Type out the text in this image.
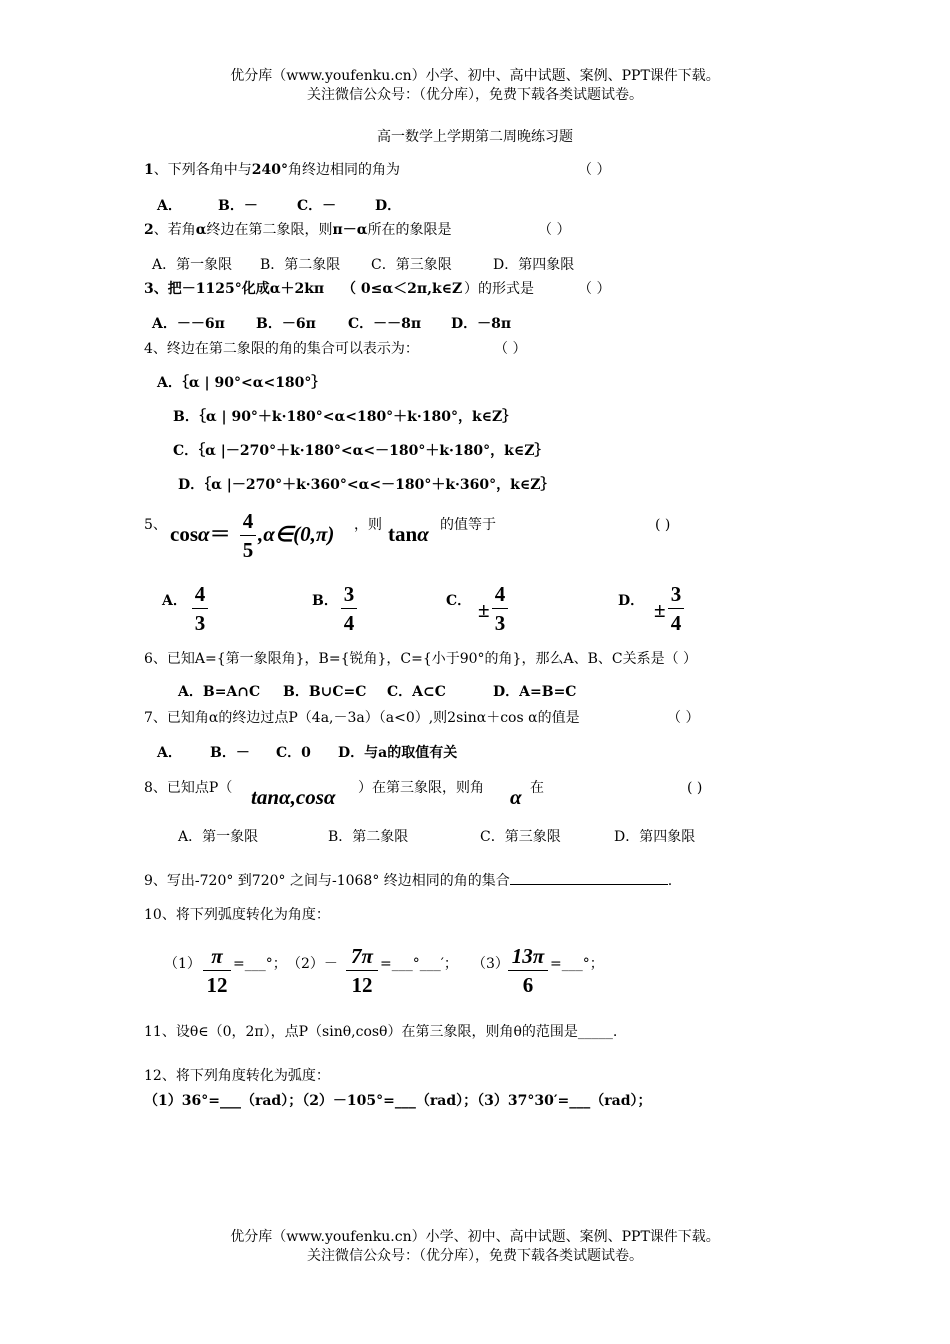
优分库（www.youfenku.cn）小学、初中、高中试题、案例、PPT课件下载。
关注微信公众号：（优分库），免费下载各类试题试卷。
高一数学上学期第二周晚练习题
1、下列各角中与240°角终边相同的角为	（ ）
A．	B．－	C．－	D．
2、若角α终边在第二象限，则π－α所在的象限是	（ ）
A．第一象限 B．第二象限 C．第三象限	D．第四象限
3、把－1125°化成α＋2kπ （ 0≤α＜2π,k∈Z ）的形式是	（ ）
A．－－6π B．－6π C．－－8π D．－8π
4、终边在第二象限的角的集合可以表示为：	（ ）
A．｛α | 90°<α<180°｝
B．｛α | 90°＋k·180°<α<180°＋k·180°，k∈Z｝
C．｛α |－270°＋k·180°<α<－180°＋k·180°，k∈Z｝
D．｛α |－270°＋k·360°<α<－180°＋k·360°，k∈Z｝
5、 cosα＝
4
5
,α∈(0,π) ，则 tanα 的值等于	( )
A． 4
3
B． 3
4
C． ±
4
3
D． ±
3
4
6、已知A={第一象限角}，B={锐角}，C={小于90°的角}，那么A、B、C关系是（ ）
A．B=A∩C B．B∪C=C C．A⊂C	D．A=B=C
7、已知角α的终边过点P（4a,－3a）（a<0）,则2sinα＋cos α的值是	（ ）
A． B．－ C．0 D．与a的取值有关
8、已知点P（ tanα,cosα ）在第三象限，则角 α 在	( )
A．第一象限	B．第二象限	C．第三象限	D．第四象限
9、写出-720° 到720° 之间与-1068° 终边相同的角的集合	.
10、将下列弧度转化为角度：
（1） π
12
=___°； （2）－ 7π
12
=___°___′； （3） 13π
6
=___°；
11、设θ∈（0，2π），点P（sinθ,cosθ）在第三象限，则角θ的范围是_____.
12、将下列角度转化为弧度：
（1）36°=___（rad）；（2）－105°=___（rad）；（3）37°30′=___（rad）；
优分库（www.youfenku.cn）小学、初中、高中试题、案例、PPT课件下载。
关注微信公众号：（优分库），免费下载各类试题试卷。
